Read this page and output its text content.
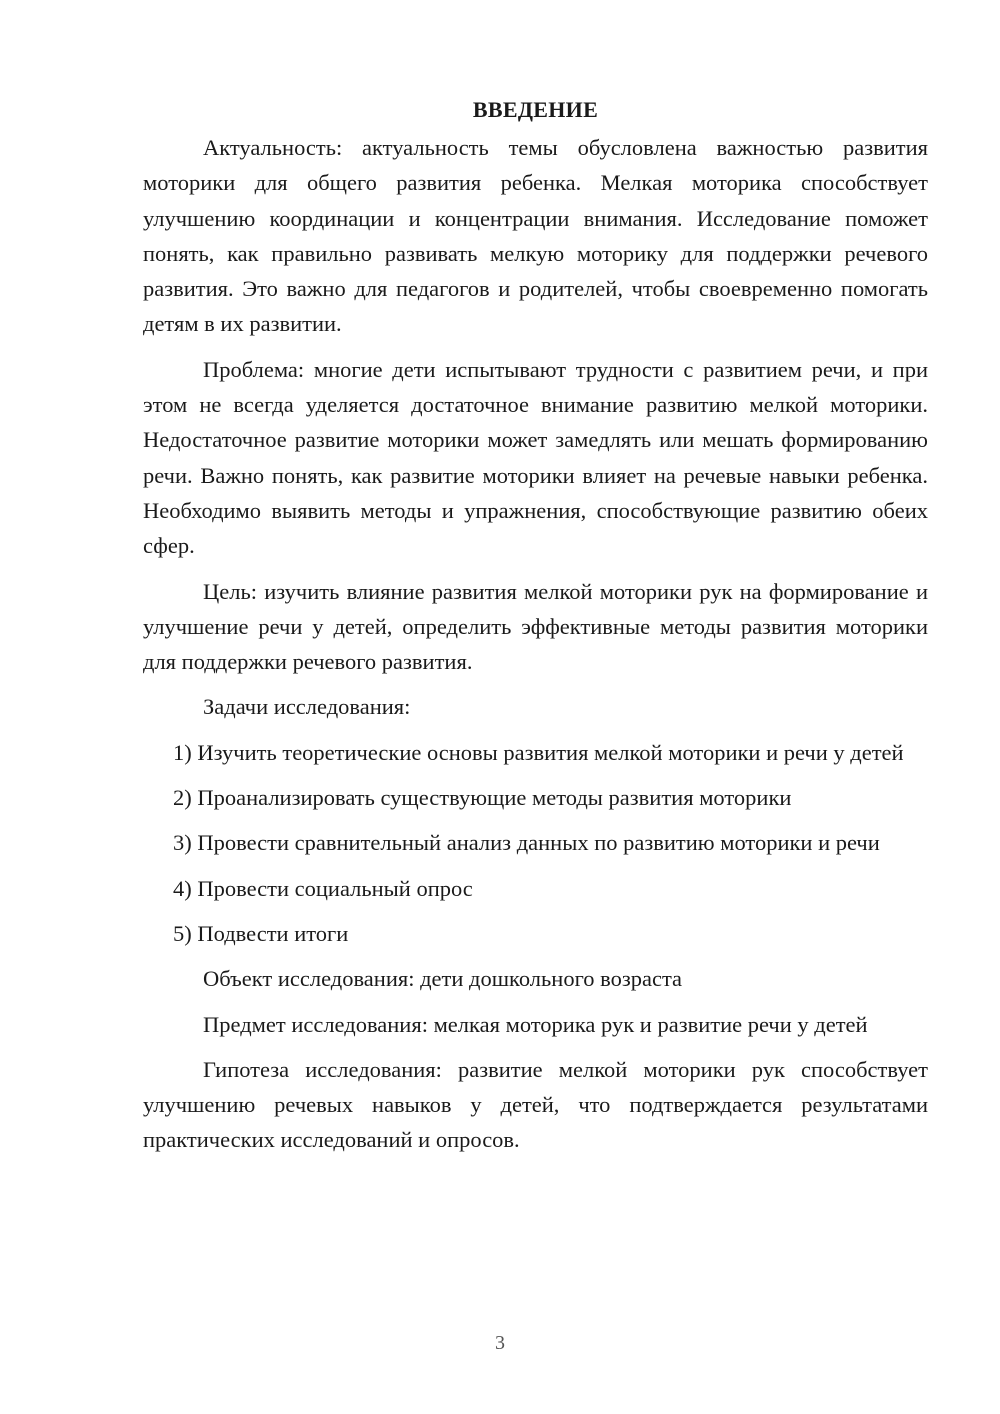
ВВЕДЕНИЕ

Актуальность: актуальность темы обусловлена важностью развития моторики для общего развития ребенка. Мелкая моторика способствует улучшению координации и концентрации внимания. Исследование поможет понять, как правильно развивать мелкую моторику для поддержки речевого развития. Это важно для педагогов и родителей, чтобы своевременно помогать детям в их развитии.

Проблема: многие дети испытывают трудности с развитием речи, и при этом не всегда уделяется достаточное внимание развитию мелкой моторики. Недостаточное развитие моторики может замедлять или мешать формированию речи. Важно понять, как развитие моторики влияет на речевые навыки ребенка. Необходимо выявить методы и упражнения, способствующие развитию обеих сфер.

Цель: изучить влияние развития мелкой моторики рук на формирование и улучшение речи у детей, определить эффективные методы развития моторики для поддержки речевого развития.

Задачи исследования:

1) Изучить теоретические основы развития мелкой моторики и речи у детей

2) Проанализировать существующие методы развития моторики

3) Провести сравнительный анализ данных по развитию моторики и речи

4) Провести социальный опрос

5) Подвести итоги

Объект исследования: дети дошкольного возраста

Предмет исследования: мелкая моторика рук и развитие речи у детей

Гипотеза исследования: развитие мелкой моторики рук способствует улучшению речевых навыков у детей, что подтверждается результатами практических исследований и опросов.

3
